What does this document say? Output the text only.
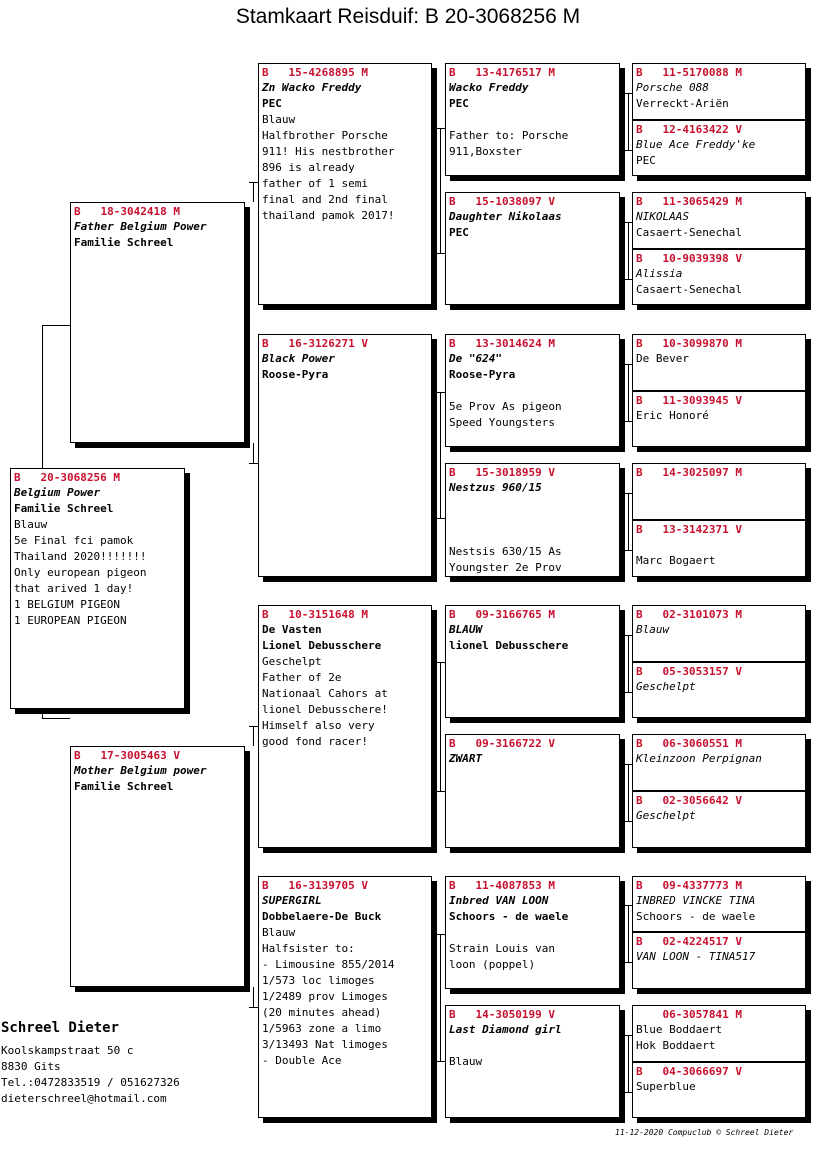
Stamkaart Reisduif: B 20-3068256 M
B   20-3068256 M
Belgium Power
Familie Schreel
Blauw
5e Final fci pamok
Thailand 2020!!!!!!!
Only european pigeon
that arived 1 day!
1 BELGIUM PIGEON
1 EUROPEAN PIGEON
B   18-3042418 M
Father Belgium Power
Familie Schreel
B   17-3005463 V
Mother Belgium power
Familie Schreel
B   15-4268895 M
Zn Wacko Freddy
PEC
Blauw
Halfbrother Porsche
911! His nestbrother
896 is already
father of 1 semi
final and 2nd final
thailand pamok 2017!
B   16-3126271 V
Black Power
Roose-Pyra
B   10-3151648 M
De Vasten
Lionel Debusschere
Geschelpt
Father of 2e
Nationaal Cahors at
lionel Debusschere!
Himself also very
good fond racer!
B   16-3139705 V
SUPERGIRL
Dobbelaere-De Buck
Blauw
Halfsister to:
- Limousine 855/2014
1/573 loc limoges
1/2489 prov Limoges
(20 minutes ahead)
1/5963 zone a limo
3/13493 Nat limoges
- Double Ace
B   13-4176517 M
Wacko Freddy
PEC
Father to: Porsche
911,Boxster
B   15-1038097 V
Daughter Nikolaas
PEC
B   13-3014624 M
De "624"
Roose-Pyra
5e Prov As pigeon
Speed Youngsters
B   15-3018959 V
Nestzus 960/15
Nestsis 630/15 As
Youngster 2e Prov
B   09-3166765 M
BLAUW
lionel Debusschere
B   09-3166722 V
ZWART
B   11-4087853 M
Inbred VAN LOON
Schoors - de waele
Strain Louis van
loon (poppel)
B   14-3050199 V
Last Diamond girl
Blauw
B   11-5170088 M
Porsche 088
Verreckt-Ariën
B   12-4163422 V
Blue Ace Freddy'ke
PEC
B   11-3065429 M
NIKOLAAS
Casaert-Senechal
B   10-9039398 V
Alissia
Casaert-Senechal
B   10-3099870 M
De Bever
B   11-3093945 V
Eric Honoré
B   14-3025097 M
B   13-3142371 V
Marc Bogaert
B   02-3101073 M
Blauw
B   05-3053157 V
Geschelpt
B   06-3060551 M
Kleinzoon Perpignan
B   02-3056642 V
Geschelpt
B   09-4337773 M
INBRED VINCKE TINA
Schoors - de waele
B   02-4224517 V
VAN LOON - TINA517
06-3057841 M
Blue Boddaert
Hok Boddaert
B   04-3066697 V
Superblue
Schreel Dieter
Koolskampstraat 50 c
8830 Gits
Tel.:0472833519 / 051627326
dieterschreel@hotmail.com
11-12-2020 Compuclub © Schreel Dieter
